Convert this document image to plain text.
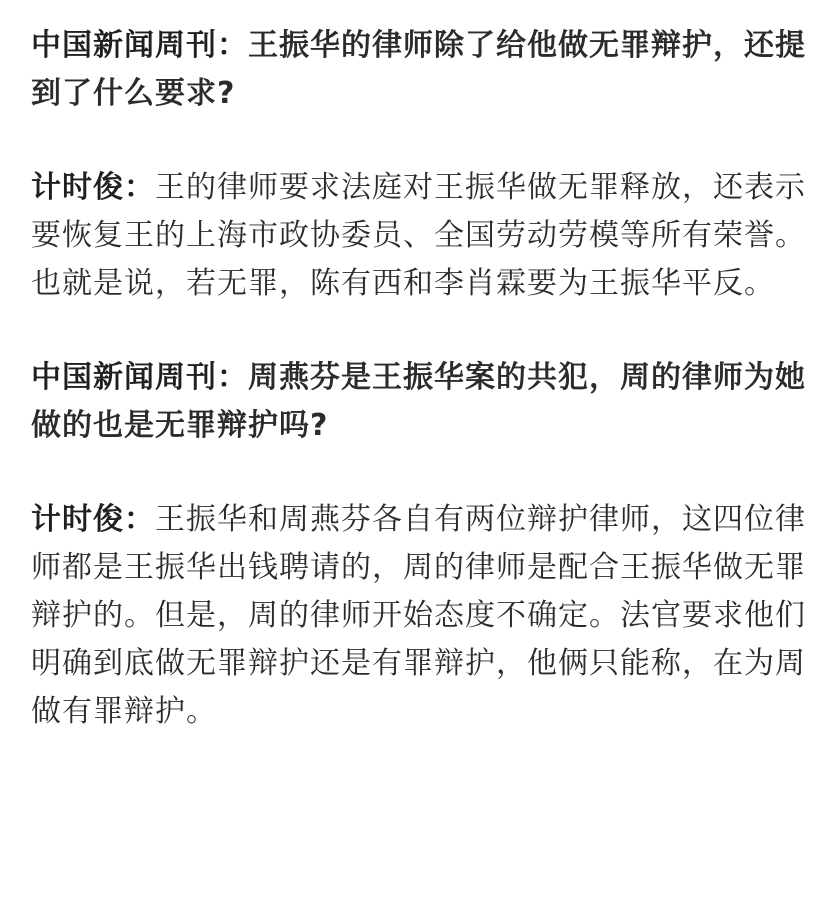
中国新闻周刊：王振华的律师除了给他做无罪辩护，还提到了什么要求?

计时俊：王的律师要求法庭对王振华做无罪释放，还表示要恢复王的上海市政协委员、全国劳动劳模等所有荣誉。也就是说，若无罪，陈有西和李肖霖要为王振华平反。

中国新闻周刊：周燕芬是王振华案的共犯，周的律师为她做的也是无罪辩护吗?

计时俊：王振华和周燕芬各自有两位辩护律师，这四位律师都是王振华出钱聘请的，周的律师是配合王振华做无罪辩护的。但是，周的律师开始态度不确定。法官要求他们明确到底做无罪辩护还是有罪辩护，他俩只能称，在为周做有罪辩护。
